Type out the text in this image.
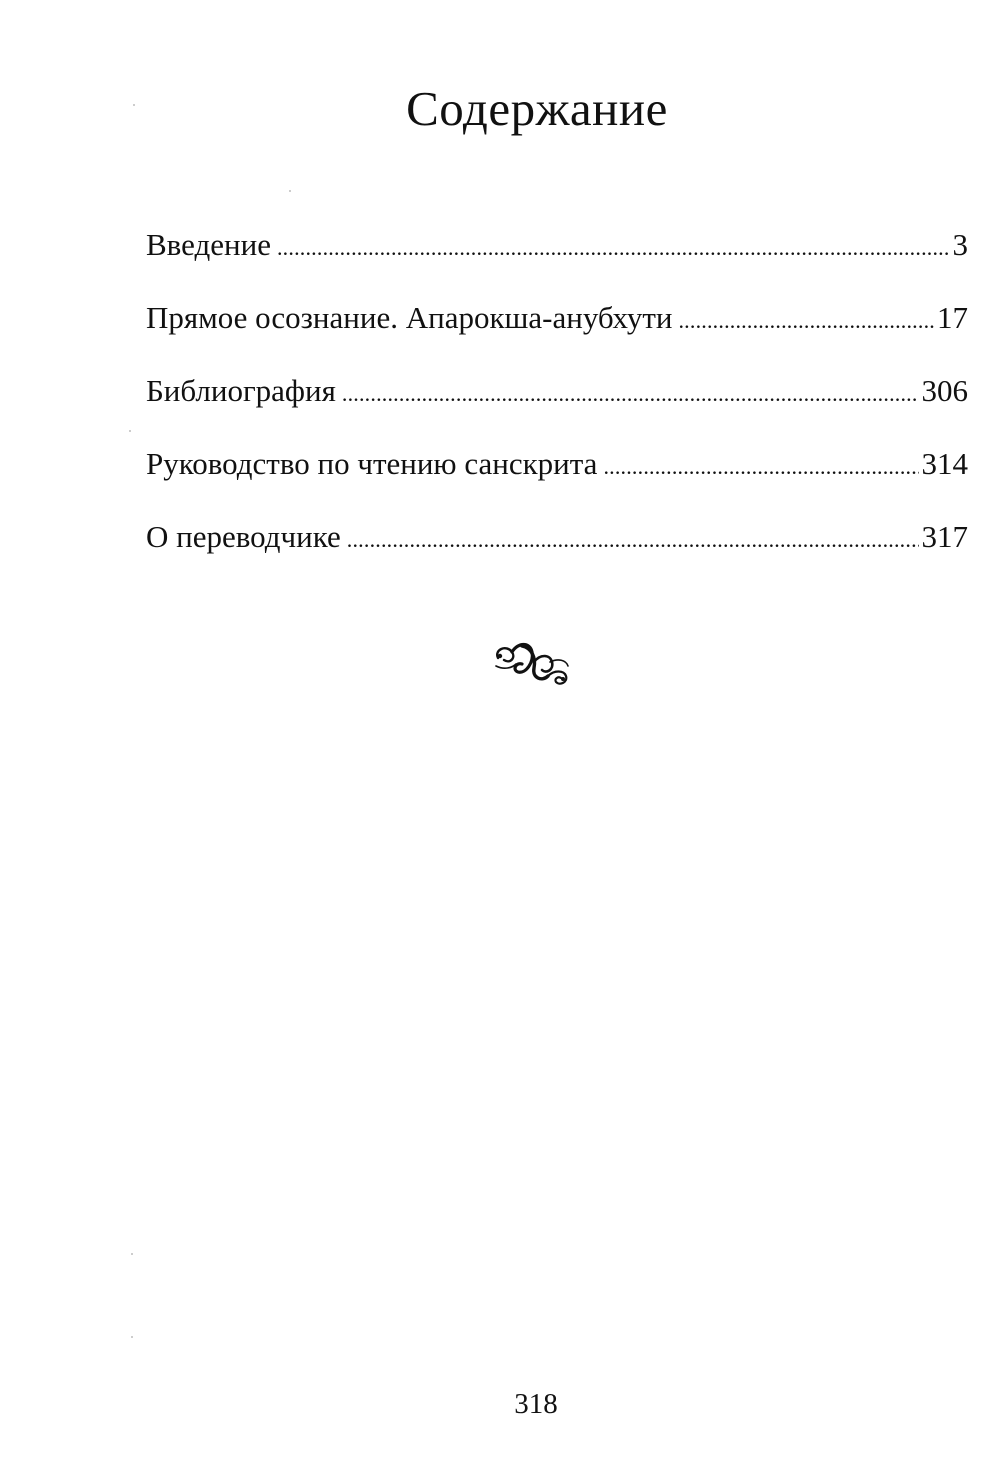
Содержание
Введение .....	3
Прямое осознание. Апарокша-анубхути .....	17
Библиография .....	306
Руководство по чтению санскрита .....	314
О переводчике .....	317
318
